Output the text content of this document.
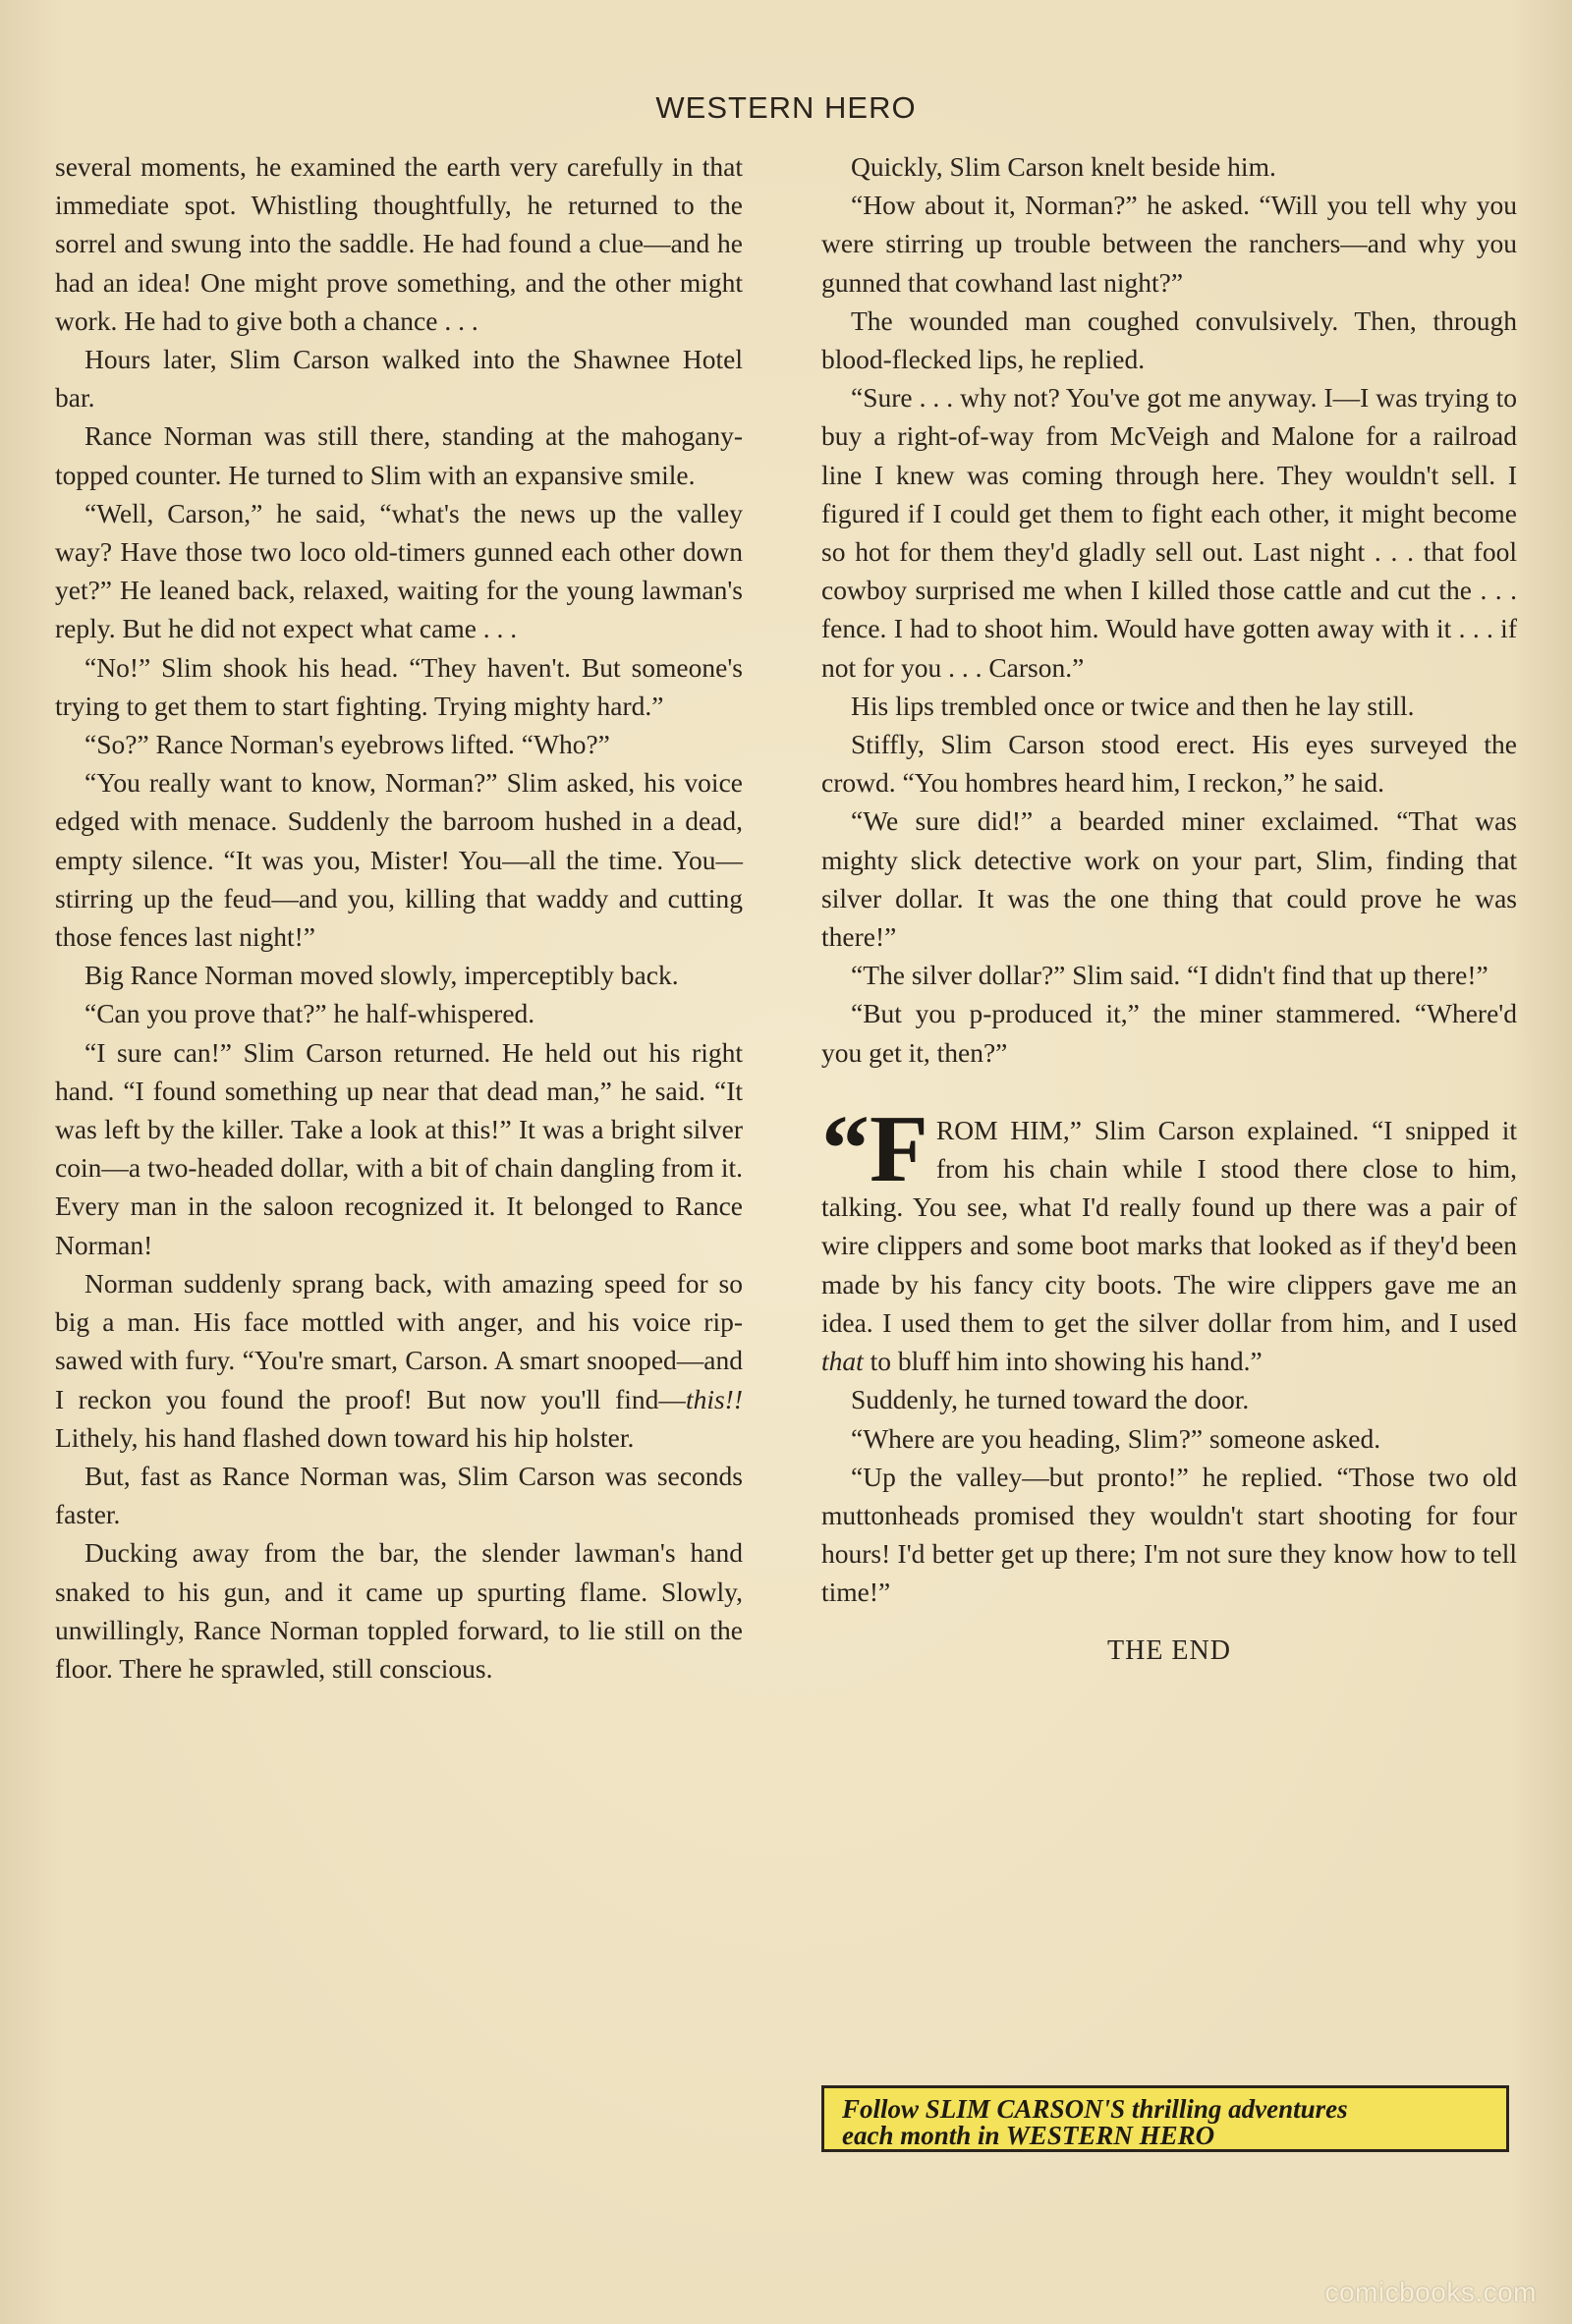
WESTERN HERO

several moments, he examined the earth very carefully in that immediate spot. Whistling thoughtfully, he returned to the sorrel and swung into the saddle. He had found a clue—and he had an idea! One might prove something, and the other might work. He had to give both a chance . . .

Hours later, Slim Carson walked into the Shawnee Hotel bar.

Rance Norman was still there, standing at the mahogany-topped counter. He turned to Slim with an expansive smile.

“Well, Carson,” he said, “what's the news up the valley way? Have those two loco old-timers gunned each other down yet?” He leaned back, relaxed, waiting for the young lawman's reply. But he did not expect what came . . .

“No!” Slim shook his head. “They haven't. But someone's trying to get them to start fighting. Trying mighty hard.”

“So?” Rance Norman's eyebrows lifted. “Who?”

“You really want to know, Norman?” Slim asked, his voice edged with menace. Suddenly the barroom hushed in a dead, empty silence. “It was you, Mister! You—all the time. You—stirring up the feud—and you, killing that waddy and cutting those fences last night!”

Big Rance Norman moved slowly, imperceptibly back.

“Can you prove that?” he half-whispered.

“I sure can!” Slim Carson returned. He held out his right hand. “I found something up near that dead man,” he said. “It was left by the killer. Take a look at this!” It was a bright silver coin—a two-headed dollar, with a bit of chain dangling from it. Every man in the saloon recognized it. It belonged to Rance Norman!

Norman suddenly sprang back, with amazing speed for so big a man. His face mottled with anger, and his voice rip-sawed with fury. “You're smart, Carson. A smart snooped—and I reckon you found the proof! But now you'll find—this!! Lithely, his hand flashed down toward his hip holster.

But, fast as Rance Norman was, Slim Carson was seconds faster.

Ducking away from the bar, the slender lawman's hand snaked to his gun, and it came up spurting flame. Slowly, unwillingly, Rance Norman toppled forward, to lie still on the floor. There he sprawled, still conscious.

Quickly, Slim Carson knelt beside him.

“How about it, Norman?” he asked. “Will you tell why you were stirring up trouble between the ranchers—and why you gunned that cowhand last night?”

The wounded man coughed convulsively. Then, through blood-flecked lips, he replied.

“Sure . . . why not? You've got me anyway. I—I was trying to buy a right-of-way from McVeigh and Malone for a railroad line I knew was coming through here. They wouldn't sell. I figured if I could get them to fight each other, it might become so hot for them they'd gladly sell out. Last night . . . that fool cowboy surprised me when I killed those cattle and cut the . . . fence. I had to shoot him. Would have gotten away with it . . . if not for you . . . Carson.”

His lips trembled once or twice and then he lay still.

Stiffly, Slim Carson stood erect. His eyes surveyed the crowd. “You hombres heard him, I reckon,” he said.

“We sure did!” a bearded miner exclaimed. “That was mighty slick detective work on your part, Slim, finding that silver dollar. It was the one thing that could prove he was there!”

“The silver dollar?” Slim said. “I didn't find that up there!”

“But you p-produced it,” the miner stammered. “Where'd you get it, then?”

“F ROM HIM,” Slim Carson explained. “I snipped it from his chain while I stood there close to him, talking. You see, what I'd really found up there was a pair of wire clippers and some boot marks that looked as if they'd been made by his fancy city boots. The wire clippers gave me an idea. I used them to get the silver dollar from him, and I used that to bluff him into showing his hand.”

Suddenly, he turned toward the door.

“Where are you heading, Slim?” someone asked.

“Up the valley—but pronto!” he replied. “Those two old muttonheads promised they wouldn't start shooting for four hours! I'd better get up there; I'm not sure they know how to tell time!”

THE END
Follow SLIM CARSON'S thrilling adventures
each month in WESTERN HERO
comicbooks.com
